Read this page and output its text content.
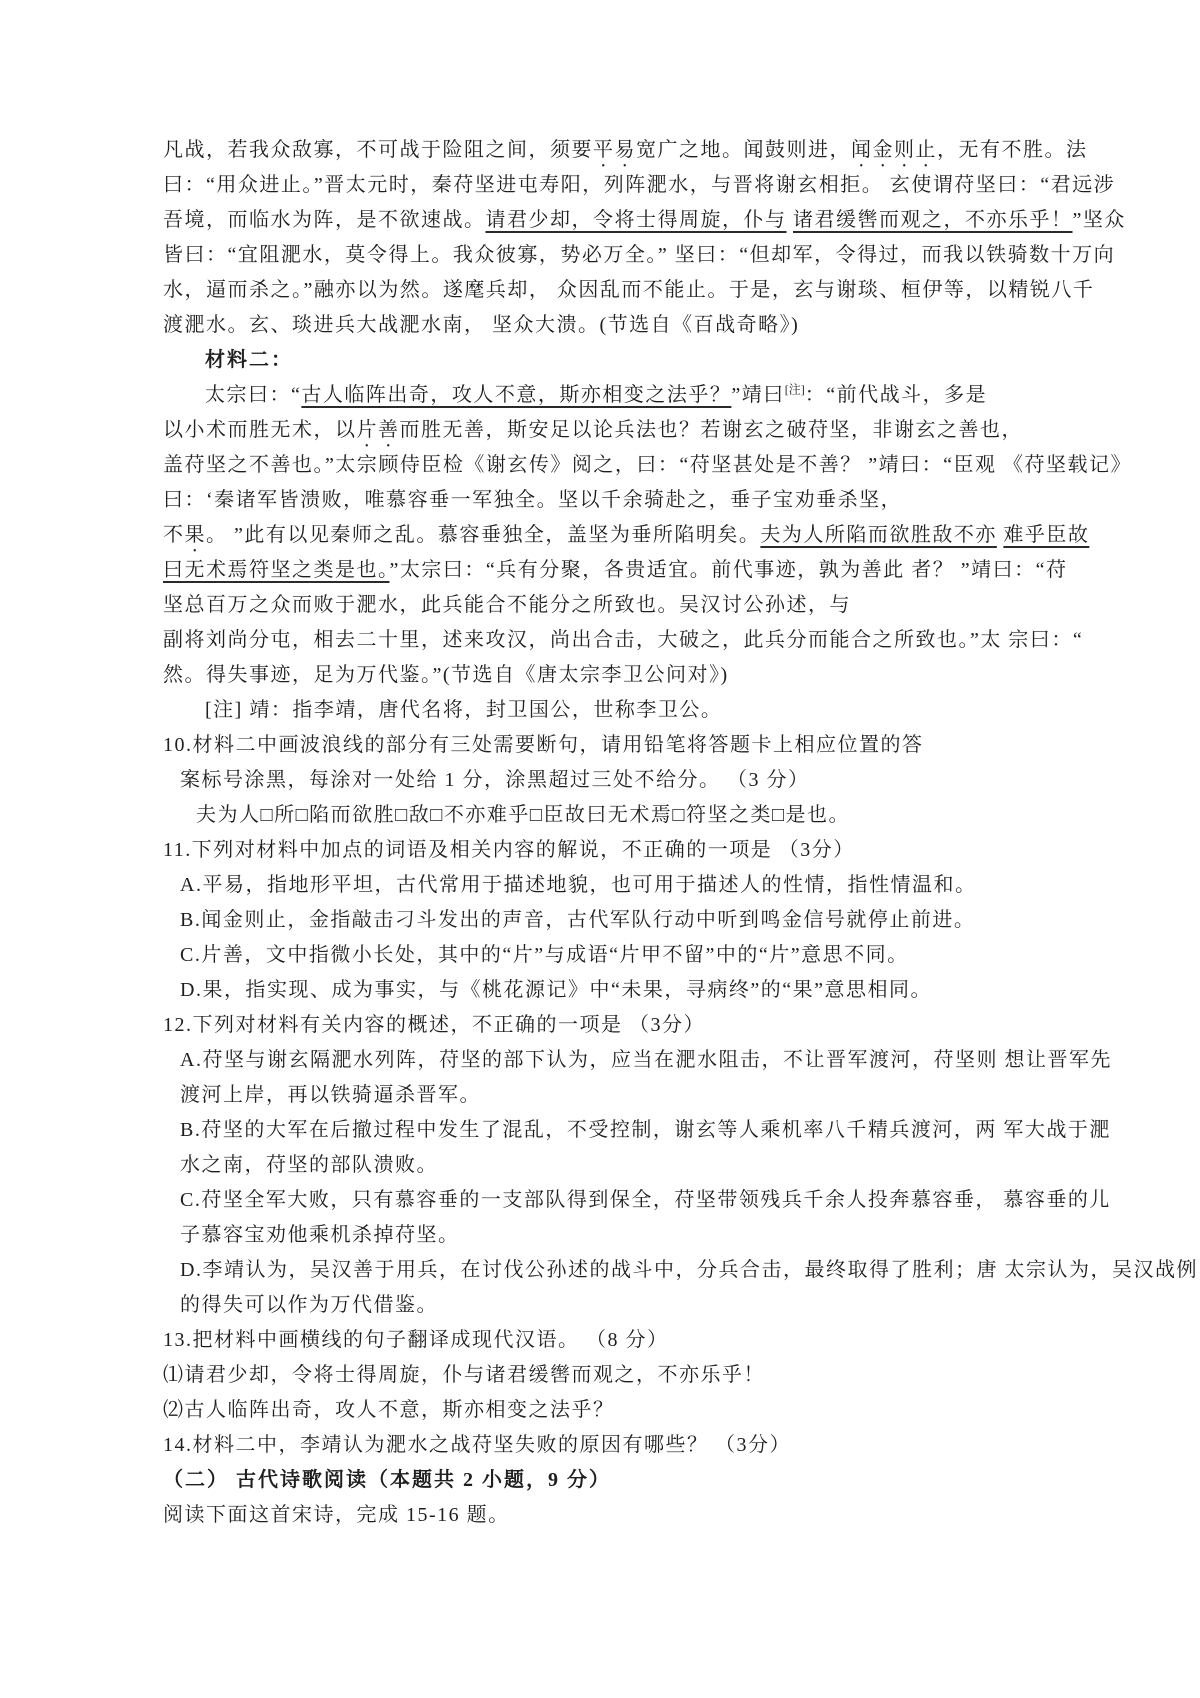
凡战，若我众敌寡，不可战于险阻之间，须要平易宽广之地。闻鼓则进，闻金则止，无有不胜。法
曰：“用众进止。”晋太元时，秦苻坚进屯寿阳，列阵淝水，与晋将谢玄相拒。 玄使谓苻坚曰：“君远涉
吾境，而临水为阵，是不欲速战。请君少却，令将士得周旋，仆与 诸君缓辔而观之，不亦乐乎！”坚众
皆曰：“宜阻淝水，莫令得上。我众彼寡，势必万全。” 坚曰：“但却军，令得过，而我以铁骑数十万向
水，逼而杀之。”融亦以为然。遂麾兵却， 众因乱而不能止。于是，玄与谢琰、桓伊等，以精锐八千
渡淝水。玄、琰进兵大战淝水南， 坚众大溃。(节选自《百战奇略》)
材料二：
太宗曰：“古人临阵出奇，攻人不意，斯亦相变之法乎？”靖曰[注]：“前代战斗，多是
以小术而胜无术，以片善而胜无善，斯安足以论兵法也？若谢玄之破苻坚，非谢玄之善也，
盖苻坚之不善也。”太宗顾侍臣检《谢玄传》阅之，曰：“苻坚甚处是不善？ ”靖曰：“臣观 《苻坚载记》
曰：‘秦诸军皆溃败，唯慕容垂一军独全。坚以千余骑赴之，垂子宝劝垂杀坚，
不果。 ”此有以见秦师之乱。慕容垂独全，盖坚为垂所陷明矣。夫为人所陷而欲胜敌不亦 难乎臣故
曰无术焉符坚之类是也。”太宗曰：“兵有分聚，各贵适宜。前代事迹，孰为善此 者？ ”靖曰：“苻
坚总百万之众而败于淝水，此兵能合不能分之所致也。吴汉讨公孙述，与
副将刘尚分屯，相去二十里，述来攻汉，尚出合击，大破之，此兵分而能合之所致也。”太 宗曰：“
然。得失事迹，足为万代鉴。”(节选自《唐太宗李卫公问对》)
[注] 靖：指李靖，唐代名将，封卫国公，世称李卫公。
10.材料二中画波浪线的部分有三处需要断句，请用铅笔将答题卡上相应位置的答
案标号涂黑，每涂对一处给 1 分，涂黑超过三处不给分。 （3 分）
夫为人□所□陷而欲胜□敌□不亦难乎□臣故曰无术焉□符坚之类□是也。
11.下列对材料中加点的词语及相关内容的解说，不正确的一项是 （3分）
A.平易，指地形平坦，古代常用于描述地貌，也可用于描述人的性情，指性情温和。
B.闻金则止，金指敲击刁斗发出的声音，古代军队行动中听到鸣金信号就停止前进。
C.片善，文中指微小长处，其中的“片”与成语“片甲不留”中的“片”意思不同。
D.果，指实现、成为事实，与《桃花源记》中“未果，寻病终”的“果”意思相同。
12.下列对材料有关内容的概述，不正确的一项是 （3分）
A.苻坚与谢玄隔淝水列阵，苻坚的部下认为，应当在淝水阻击，不让晋军渡河，苻坚则 想让晋军先
渡河上岸，再以铁骑逼杀晋军。
B.苻坚的大军在后撤过程中发生了混乱，不受控制，谢玄等人乘机率八千精兵渡河，两 军大战于淝
水之南，苻坚的部队溃败。
C.苻坚全军大败，只有慕容垂的一支部队得到保全，苻坚带领残兵千余人投奔慕容垂， 慕容垂的儿
子慕容宝劝他乘机杀掉苻坚。
D.李靖认为，吴汉善于用兵，在讨伐公孙述的战斗中，分兵合击，最终取得了胜利；唐 太宗认为，吴汉战例
的得失可以作为万代借鉴。
13.把材料中画横线的句子翻译成现代汉语。 （8 分）
⑴请君少却，令将士得周旋，仆与诸君缓辔而观之，不亦乐乎！
⑵古人临阵出奇，攻人不意，斯亦相变之法乎？
14.材料二中，李靖认为淝水之战苻坚失败的原因有哪些？ （3分）
（二） 古代诗歌阅读（本题共 2 小题，9 分）
阅读下面这首宋诗，完成 15-16 题。
